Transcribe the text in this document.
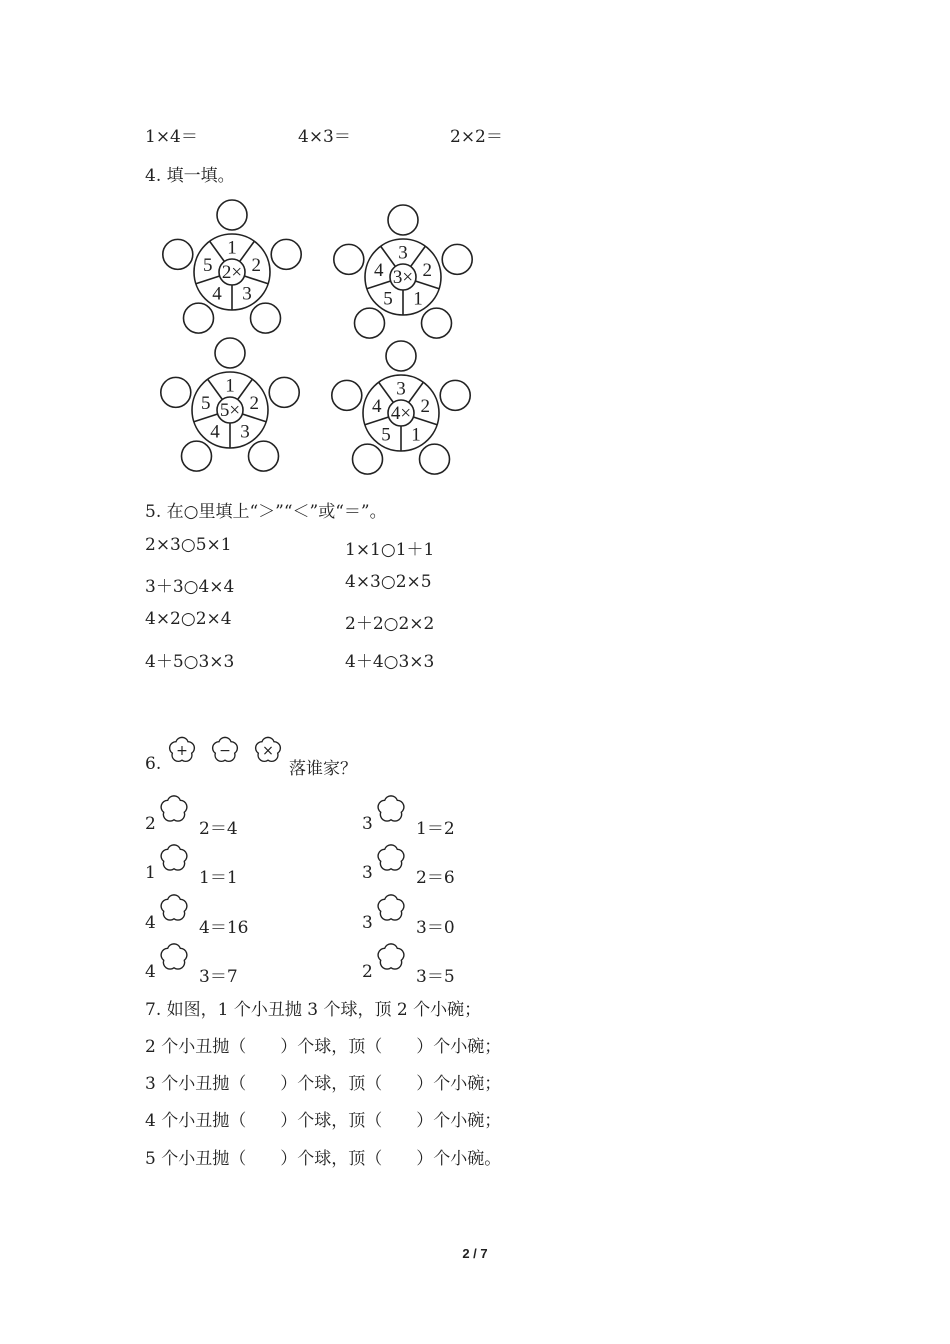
1×4＝	4×3＝	2×2＝
4. 填一填。
1
2
3
4
5 2×
3
2
1
5
4 3×
1
2
3
4
5 5×
3
2
1
5
4 4×
5. 在○里填上“＞”“＜”或“＝”。
2×3○5×1	1×1○1＋1
3＋3○4×4	4×3○2×5
4×2○2×4	2＋2○2×2
4＋5○3×3	4＋4○3×3
6.
+ − ×
落谁家？
2	2＝4
1	1＝1
4	4＝16
4	3＝7
3	1＝2
3	2＝6
3	3＝0
2	3＝5
7. 如图，1 个小丑抛 3 个球，顶 2 个小碗；
2 个小丑抛（　　）个球，顶（　　）个小碗；
3 个小丑抛（　　）个球，顶（　　）个小碗；
4 个小丑抛（　　）个球，顶（　　）个小碗；
5 个小丑抛（　　）个球，顶（　　）个小碗。
2 / 7
